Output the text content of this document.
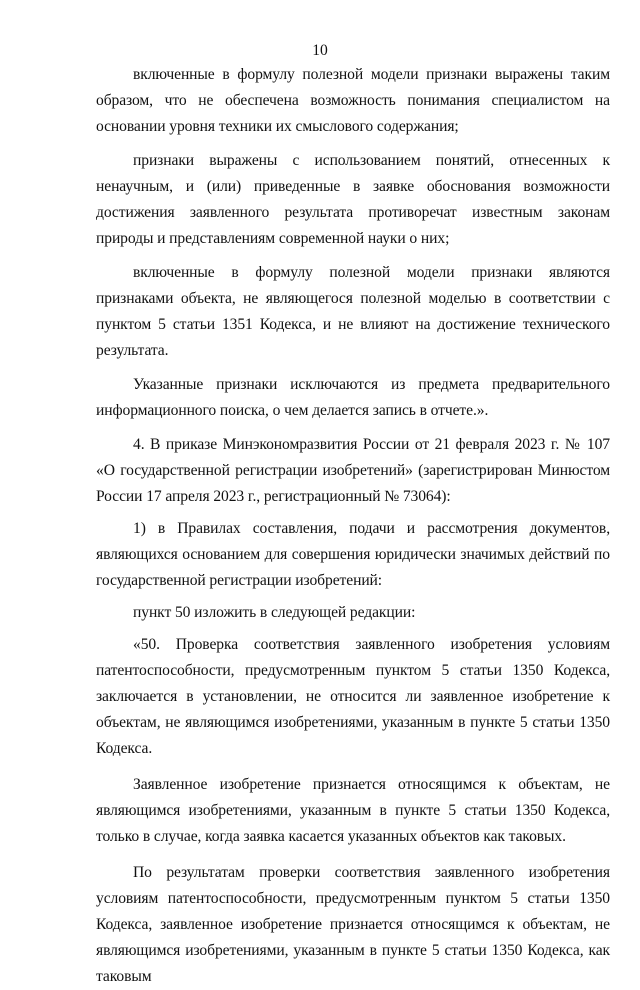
10

включенные в формулу полезной модели признаки выражены таким образом, что не обеспечена возможность понимания специалистом на основании уровня техники их смыслового содержания;

признаки выражены с использованием понятий, отнесенных к ненаучным, и (или) приведенные в заявке обоснования возможности достижения заявленного результата противоречат известным законам природы и представлениям современной науки о них;

включенные в формулу полезной модели признаки являются признаками объекта, не являющегося полезной моделью в соответствии с пунктом 5 статьи 1351 Кодекса, и не влияют на достижение технического результата.

Указанные признаки исключаются из предмета предварительного информационного поиска, о чем делается запись в отчете.».

4. В приказе Минэкономразвития России от 21 февраля 2023 г. № 107 «О государственной регистрации изобретений» (зарегистрирован Минюстом России 17 апреля 2023 г., регистрационный № 73064):

1) в Правилах составления, подачи и рассмотрения документов, являющихся основанием для совершения юридически значимых действий по государственной регистрации изобретений:

пункт 50 изложить в следующей редакции:

«50. Проверка соответствия заявленного изобретения условиям патентоспособности, предусмотренным пунктом 5 статьи 1350 Кодекса, заключается в установлении, не относится ли заявленное изобретение к объектам, не являющимся изобретениями, указанным в пункте 5 статьи 1350 Кодекса.

Заявленное изобретение признается относящимся к объектам, не являющимся изобретениями, указанным в пункте 5 статьи 1350 Кодекса, только в случае, когда заявка касается указанных объектов как таковых.

По результатам проверки соответствия заявленного изобретения условиям патентоспособности, предусмотренным пунктом 5 статьи 1350 Кодекса, заявленное изобретение признается относящимся к объектам, не являющимся изобретениями, указанным в пункте 5 статьи 1350 Кодекса, как таковым
